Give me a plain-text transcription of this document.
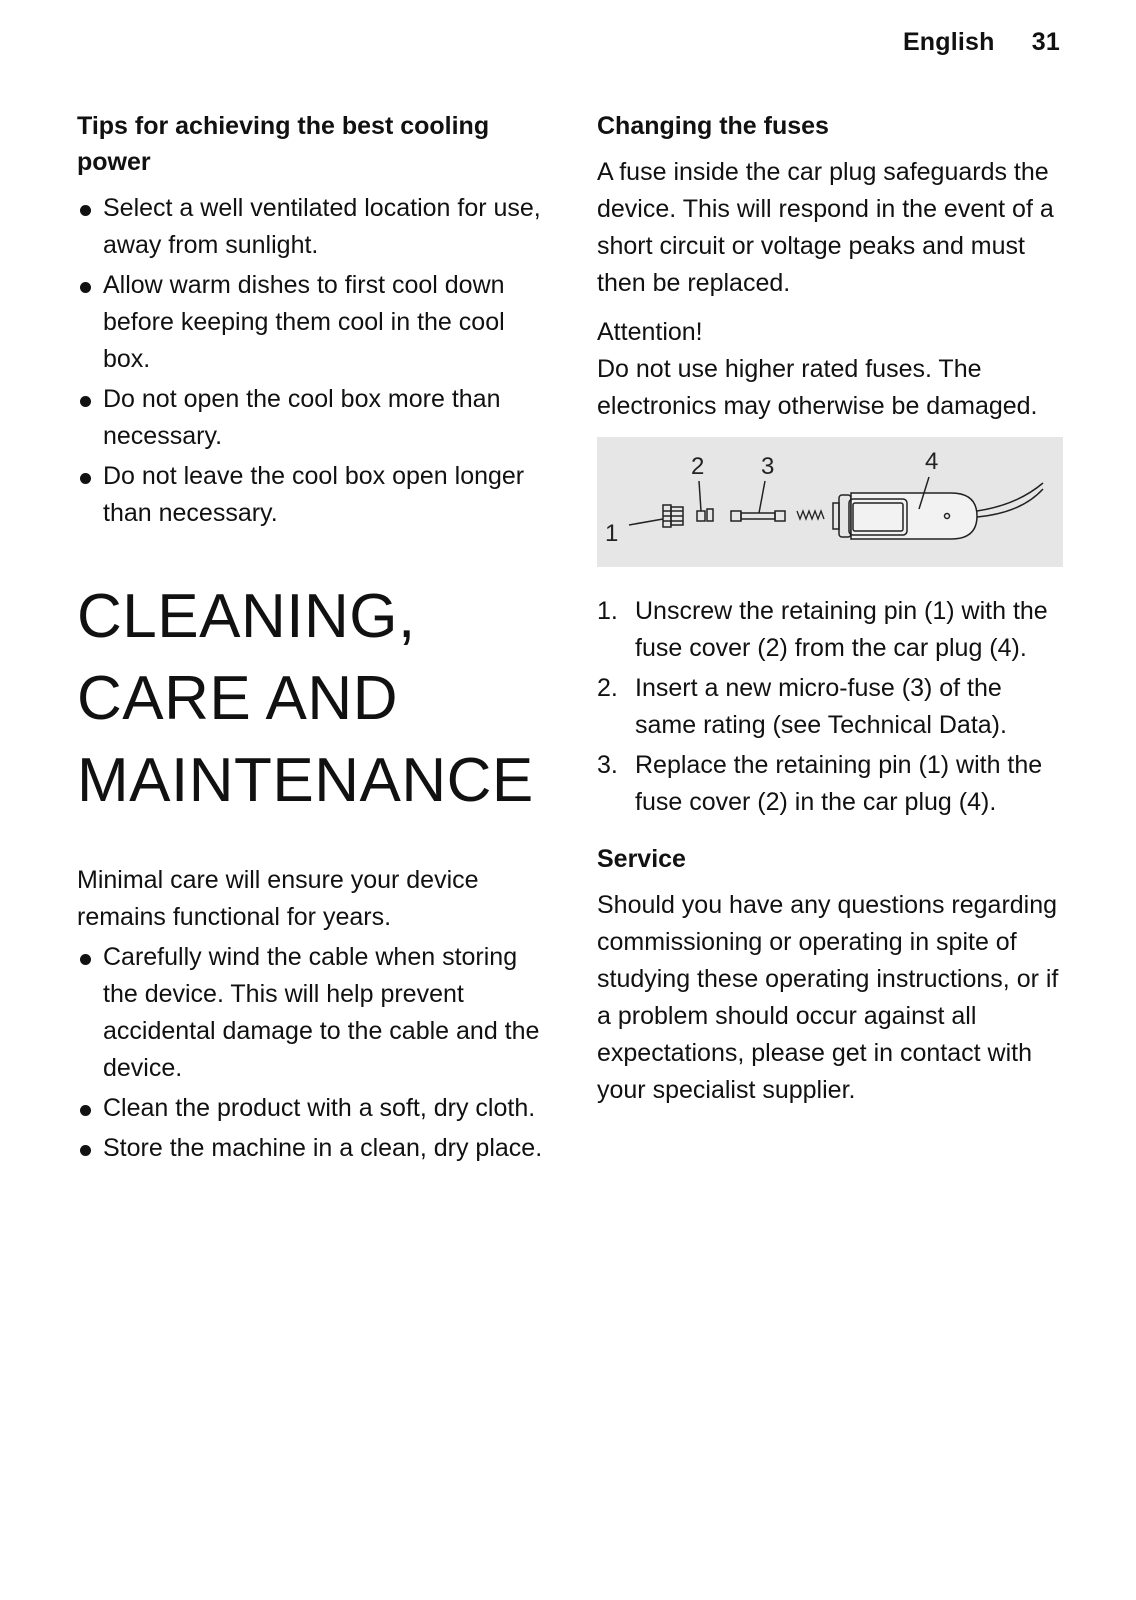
English 31
Tips for achieving the best cooling power
Select a well ventilated location for use, away from sunlight.
Allow warm dishes to first cool down before keeping them cool in the cool box.
Do not open the cool box more than necessary.
Do not leave the cool box open longer than necessary.
CLEANING, CARE AND MAINTENANCE

Minimal care will ensure your device remains functional for years.

Carefully wind the cable when storing the device. This will help prevent accidental damage to the cable and the device.
Clean the product with a soft, dry cloth.
Store the machine in a clean, dry place.
Changing the fuses

A fuse inside the car plug safeguards the device. This will respond in the event of a short circuit or voltage peaks and must then be replaced.

Attention!

Do not use higher rated fuses. The electronics may otherwise be damaged.

1
2 3	4
1. Unscrew the retaining pin (1) with the fuse cover (2) from the car plug (4).
2. Insert a new micro-fuse (3) of the same rating (see Technical Data).
3. Replace the retaining pin (1) with the fuse cover (2) in the car plug (4).
Service

Should you have any questions regarding commissioning or operating in spite of studying these operating instructions, or if a problem should occur against all expectations, please get in contact with your specialist supplier.
